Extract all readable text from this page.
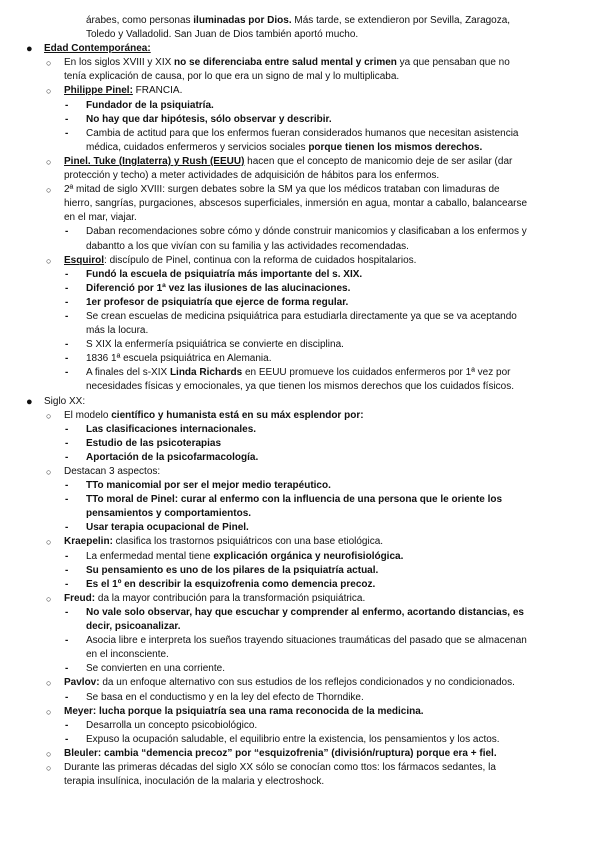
árabes, como personas iluminadas por Dios. Más tarde, se extendieron por Sevilla, Zaragoza,
Toledo y Valladolid. San Juan de Dios también aportó mucho.
● Edad Contemporánea:
○ En los siglos XVIII y XIX no se diferenciaba entre salud mental y crimen ya que pensaban que no
tenía explicación de causa, por lo que era un signo de mal y lo multiplicaba.
○ Philippe Pinel: FRANCIA.
- Fundador de la psiquiatría.
- No hay que dar hipótesis, sólo observar y describir.
- Cambia de actitud para que los enfermos fueran considerados humanos que necesitan asistencia
médica, cuidados enfermeros y servicios sociales porque tienen los mismos derechos.
○ Pinel. Tuke (Inglaterra) y Rush (EEUU) hacen que el concepto de manicomio deje de ser asilar (dar
protección y techo) a meter actividades de adquisición de hábitos para los enfermos.
○ 2ª mitad de siglo XVIII: surgen debates sobre la SM ya que los médicos trataban con limaduras de
hierro, sangrías, purgaciones, abscesos superficiales, inmersión en agua, montar a caballo, balancearse
en el mar, viajar.
- Daban recomendaciones sobre cómo y dónde construir manicomios y clasificaban a los enfermos y
dabantto a los que vivían con su familia y las actividades recomendadas.
○ Esquirol: discípulo de Pinel, continua con la reforma de cuidados hospitalarios.
- Fundó la escuela de psiquiatría más importante del s. XIX.
- Diferenció por 1ª vez las ilusiones de las alucinaciones.
- 1er profesor de psiquiatría que ejerce de forma regular.
- Se crean escuelas de medicina psiquiátrica para estudiarla directamente ya que se va aceptando
más la locura.
- S XIX la enfermería psiquiátrica se convierte en disciplina.
- 1836 1ª escuela psiquiátrica en Alemania.
- A finales del s-XIX Linda Richards en EEUU promueve los cuidados enfermeros por 1ª vez por
necesidades físicas y emocionales, ya que tienen los mismos derechos que los cuidados físicos.
● Siglo XX:
○ El modelo científico y humanista está en su máx esplendor por:
- Las clasificaciones internacionales.
- Estudio de las psicoterapias
- Aportación de la psicofarmacología.
○ Destacan 3 aspectos:
- TTo manicomial por ser el mejor medio terapéutico.
- TTo moral de Pinel: curar al enfermo con la influencia de una persona que le oriente los
pensamientos y comportamientos.
- Usar terapia ocupacional de Pinel.
○ Kraepelin: clasifica los trastornos psiquiátricos con una base etiológica.
- La enfermedad mental tiene explicación orgánica y neurofisiológica.
- Su pensamiento es uno de los pilares de la psiquiatría actual.
- Es el 1º en describir la esquizofrenia como demencia precoz.
○ Freud: da la mayor contribución para la transformación psiquiátrica.
- No vale solo observar, hay que escuchar y comprender al enfermo, acortando distancias, es
decir, psicoanalizar.
- Asocia libre e interpreta los sueños trayendo situaciones traumáticas del pasado que se almacenan
en el inconsciente.
- Se convierten en una corriente.
○ Pavlov: da un enfoque alternativo con sus estudios de los reflejos condicionados y no condicionados.
- Se basa en el conductismo y en la ley del efecto de Thorndike.
○ Meyer: lucha porque la psiquiatría sea una rama reconocida de la medicina.
- Desarrolla un concepto psicobiológico.
- Expuso la ocupación saludable, el equilibrio entre la existencia, los pensamientos y los actos.
○ Bleuler: cambia “demencia precoz” por “esquizofrenia” (división/ruptura) porque era + fiel.
○ Durante las primeras décadas del siglo XX sólo se conocían como ttos: los fármacos sedantes, la
terapia insulínica, inoculación de la malaria y electroshock.
